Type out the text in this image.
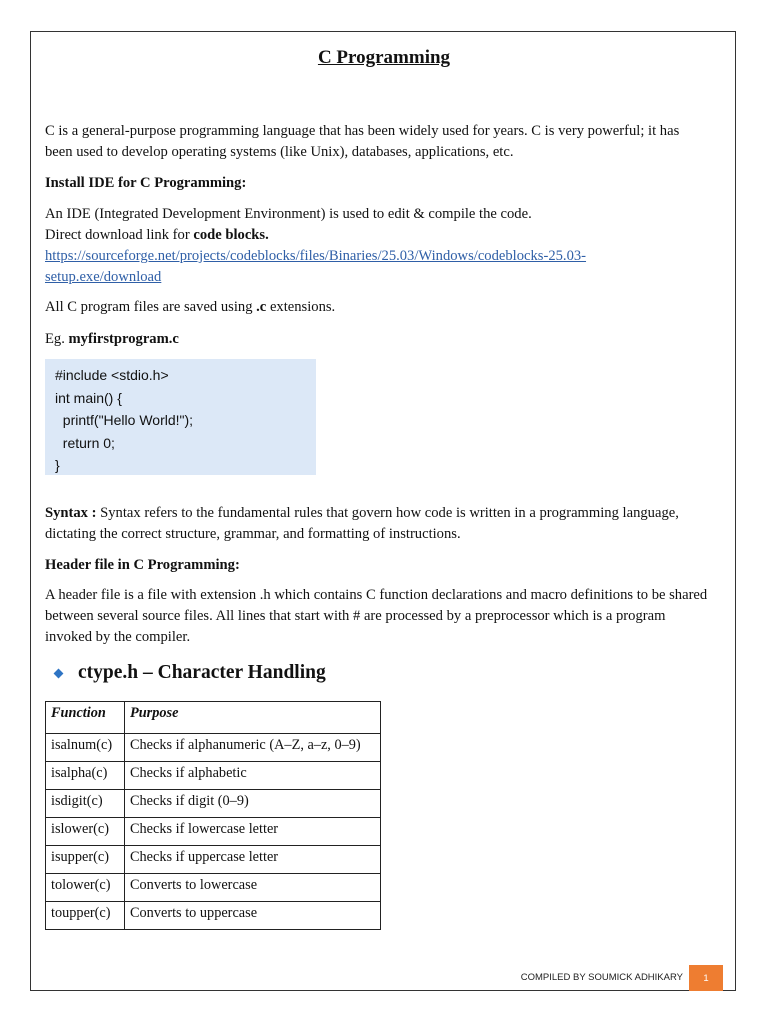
C Programming

C is a general-purpose programming language that has been widely used for years. C is very powerful; it has been used to develop operating systems (like Unix), databases, applications, etc.

Install IDE for C Programming:

An IDE (Integrated Development Environment) is used to edit & compile the code.

Direct download link for code blocks.

https://sourceforge.net/projects/codeblocks/files/Binaries/25.03/Windows/codeblocks-25.03-
setup.exe/download

All C program files are saved using .c extensions.

Eg. myfirstprogram.c

#include <stdio.h>
int main() {
printf("Hello World!");
return 0;
}

Syntax : Syntax refers to the fundamental rules that govern how code is written in a programming language, dictating the correct structure, grammar, and formatting of instructions.

Header file in C Programming:

A header file is a file with extension .h which contains C function declarations and macro definitions to be shared between several source files. All lines that start with # are processed by a preprocessor which is a program invoked by the compiler.

ctype.h – Character Handling
Function	Purpose
isalnum(c)	Checks if alphanumeric (A–Z, a–z, 0–9)
isalpha(c)	Checks if alphabetic
isdigit(c)	Checks if digit (0–9)
islower(c)	Checks if lowercase letter
isupper(c)	Checks if uppercase letter
tolower(c)	Converts to lowercase
toupper(c)	Converts to uppercase
COMPILED BY SOUMICK ADHIKARY	1
